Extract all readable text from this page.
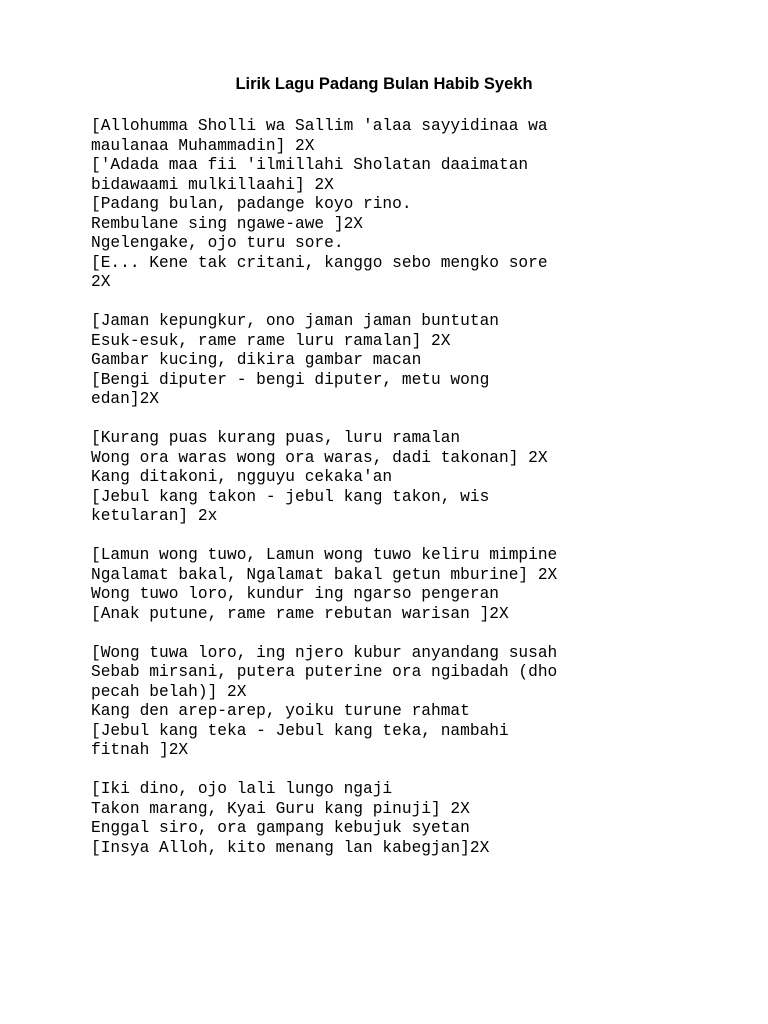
Lirik Lagu Padang Bulan Habib Syekh
[Allohumma Sholli wa Sallim 'alaa sayyidinaa wa
maulanaa Muhammadin] 2X
['Adada maa fii 'ilmillahi Sholatan daaimatan
bidawaami mulkillaahi] 2X
[Padang bulan, padange koyo rino.
Rembulane sing ngawe-awe ]2X
Ngelengake, ojo turu sore.
[E... Kene tak critani, kanggo sebo mengko sore
2X
[Jaman kepungkur, ono jaman jaman buntutan
Esuk-esuk, rame rame luru ramalan] 2X
Gambar kucing, dikira gambar macan
[Bengi diputer - bengi diputer, metu wong
edan]2X
[Kurang puas kurang puas, luru ramalan
Wong ora waras wong ora waras, dadi takonan] 2X
Kang ditakoni, ngguyu cekaka'an
[Jebul kang takon - jebul kang takon, wis
ketularan] 2x
[Lamun wong tuwo, Lamun wong tuwo keliru mimpine
Ngalamat bakal, Ngalamat bakal getun mburine] 2X
Wong tuwo loro, kundur ing ngarso pengeran
[Anak putune, rame rame rebutan warisan ]2X
[Wong tuwa loro, ing njero kubur anyandang susah
Sebab mirsani, putera puterine ora ngibadah (dho
pecah belah)] 2X
Kang den arep-arep, yoiku turune rahmat
[Jebul kang teka - Jebul kang teka, nambahi
fitnah ]2X
[Iki dino, ojo lali lungo ngaji
Takon marang, Kyai Guru kang pinuji] 2X
Enggal siro, ora gampang kebujuk syetan
[Insya Alloh, kito menang lan kabegjan]2X
